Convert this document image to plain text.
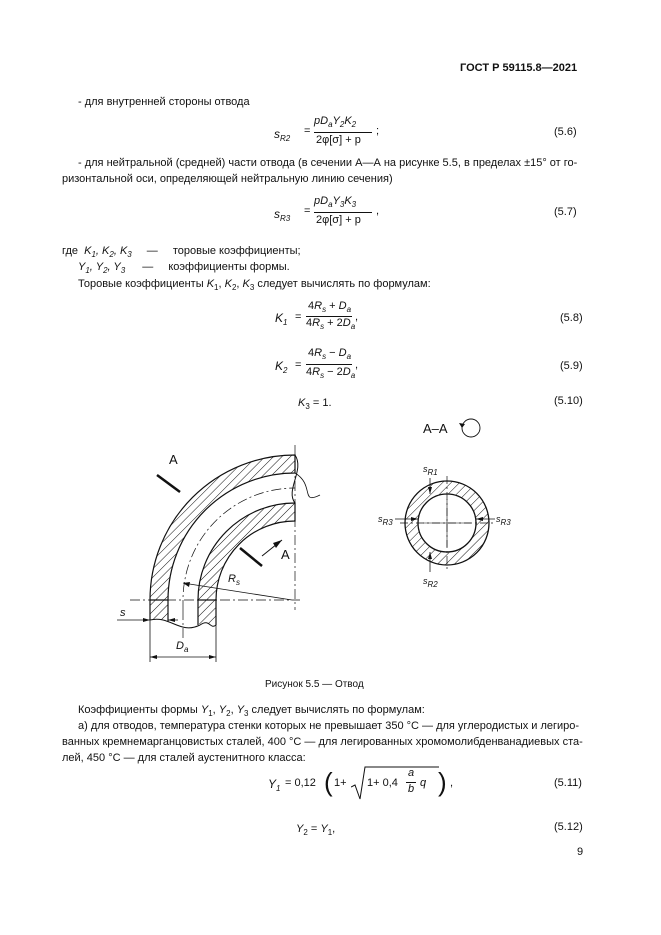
ГОСТ Р 59115.8—2021
- для внутренней стороны отвода
$s_{R2}$
=
$pD_aY_2K_2$
2φ[σ] + p
;	(5.6)
- для нейтральной (средней) части отвода (в сечении А—А на рисунке 5.5, в пределах ±15° от го-
ризонтальной оси, определяющей нейтральную линию сечения)
$s_{R3}$
=
$pD_aY_3K_3$
2φ[σ] + p
,	(5.7)
где $K_1$, $K_2$, $K_3$ — торовые коэффициенты;
$Y_1$, $Y_2$, $Y_3$ — коэффициенты формы.
Торовые коэффициенты $K_1$, $K_2$, $K_3$ следует вычислять по формулам:
$K_1$ =
$4R_s + D_a$
$4R_s + 2D_a$
,	(5.8)
$K_2$ =
$4R_s - D_a$
$4R_s - 2D_a$
,	(5.9)
$K_3 = 1$.	(5.10)
А–А
А
А
$R_s$
s
$D_a$
$s_{R1}$
$s_{R2}$
$s_{R3}$	$s_{R3}$
Рисунок 5.5 — Отвод
Коэффициенты формы $Y_1$, $Y_2$, $Y_3$ следует вычислять по формулам:
а) для отводов, температура стенки которых не превышает 350 °С — для углеродистых и легиро-
ванных кремнемарганцовистых сталей, 400 °С — для легированных хромомолибденванадиевых ста-
лей, 450 °С — для сталей аустенитного класса:
$Y_1 = 0,12$ ( 1+ 1+ 0,4
a
b q ) ,	(5.11)
$Y_2 = Y_1$,	(5.12)
9
